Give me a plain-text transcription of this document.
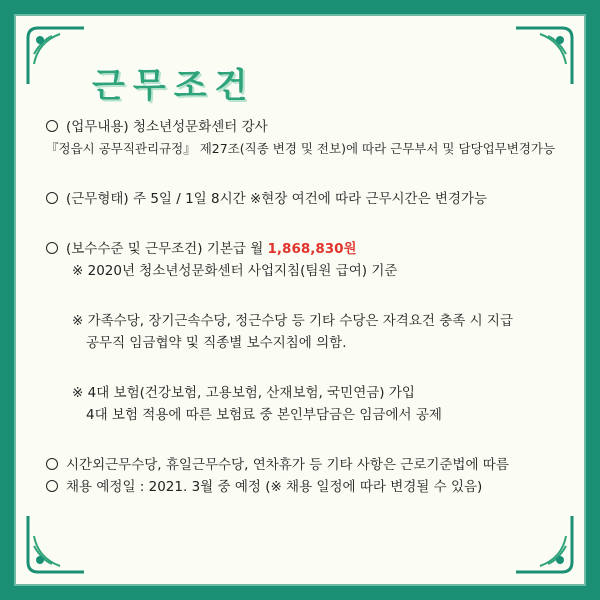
근무조건
(업무내용) 청소년성문화센터 강사
『정읍시 공무직관리규정』 제27조(직종 변경 및 전보)에 따라 근무부서 및 담당업무변경가능
(근무형태) 주 5일 / 1일 8시간 ※현장 여건에 따라 근무시간은 변경가능
(보수수준 및 근무조건) 기본급 월 1,868,830원
※ 2020년 청소년성문화센터 사업지침(팀원 급여) 기준
※ 가족수당, 장기근속수당, 정근수당 등 기타 수당은 자격요건 충족 시 지급
공무직 임금협약 및 직종별 보수지침에 의함.
※ 4대 보험(건강보험, 고용보험, 산재보험, 국민연금) 가입
4대 보험 적용에 따른 보험료 중 본인부담금은 임금에서 공제
시간외근무수당, 휴일근무수당, 연차휴가 등 기타 사항은 근로기준법에 따름
채용 예정일 : 2021. 3월 중 예정 (※ 채용 일정에 따라 변경될 수 있음)
